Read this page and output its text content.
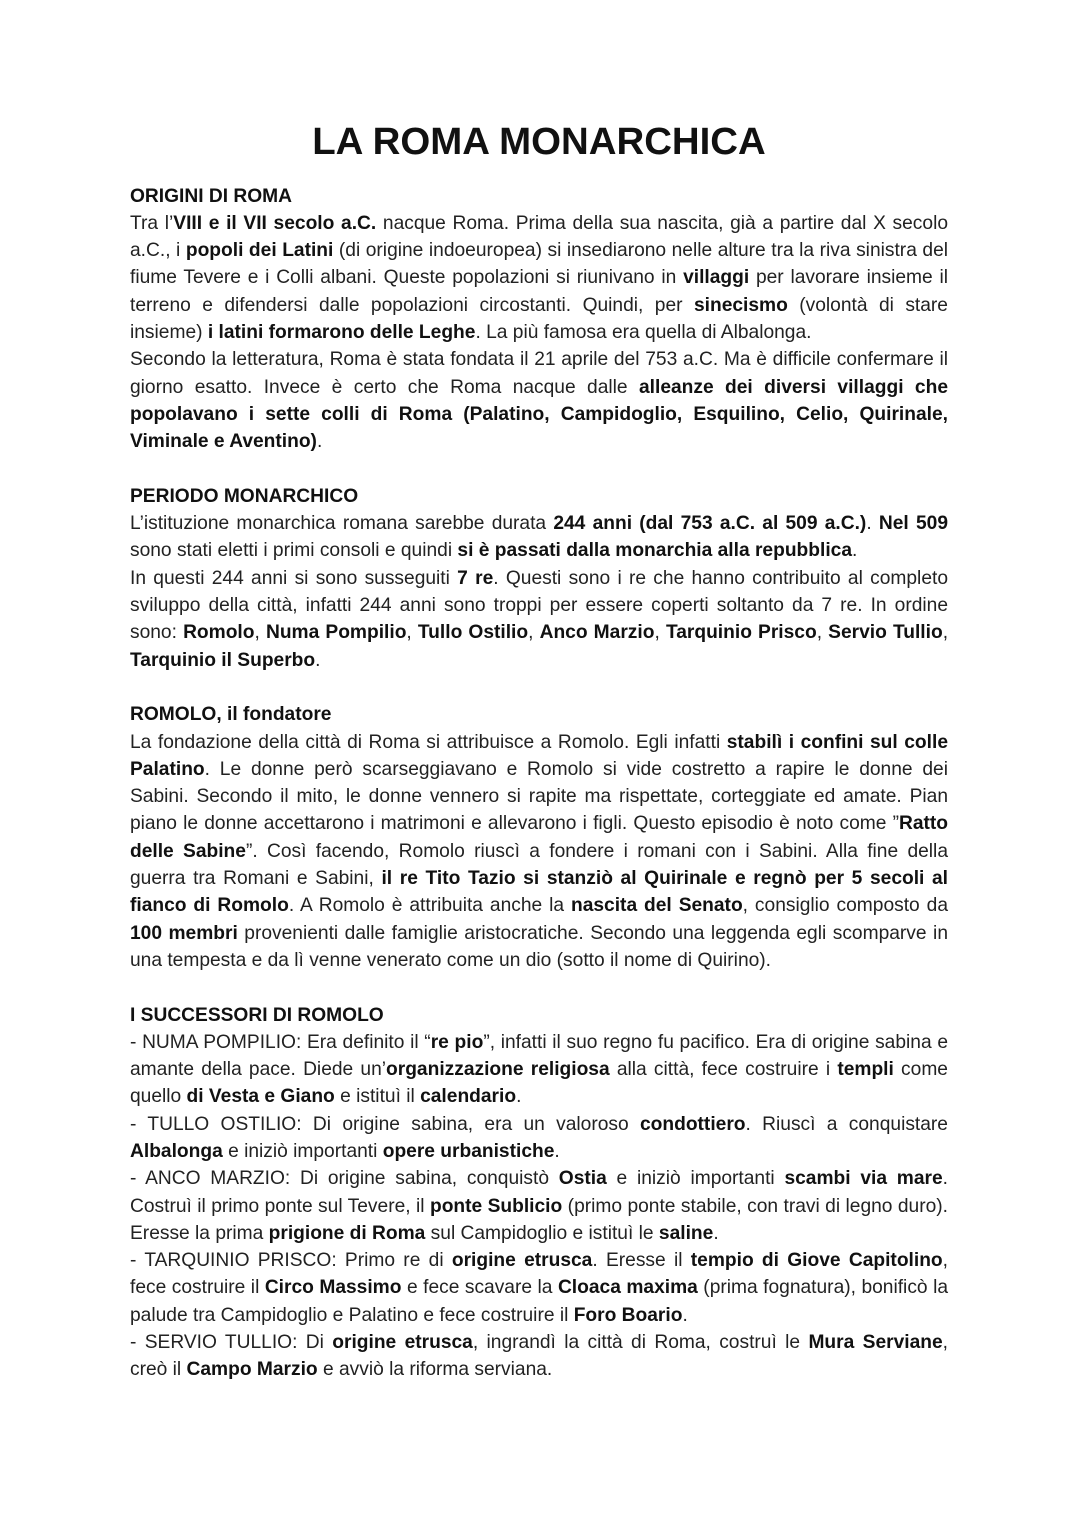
LA ROMA MONARCHICA
ORIGINI DI ROMA

Tra l’VIII e il VII secolo a.C. nacque Roma. Prima della sua nascita, già a partire dal X secolo a.C., i popoli dei Latini (di origine indoeuropea) si insediarono nelle alture tra la riva sinistra del fiume Tevere e i Colli albani. Queste popolazioni si riunivano in villaggi per lavorare insieme il terreno e difendersi dalle popolazioni circostanti. Quindi, per sinecismo (volontà di stare insieme) i latini formarono delle Leghe. La più famosa era quella di Albalonga.

Secondo la letteratura, Roma è stata fondata il 21 aprile del 753 a.C. Ma è difficile confermare il giorno esatto. Invece è certo che Roma nacque dalle alleanze dei diversi villaggi che popolavano i sette colli di Roma (Palatino, Campidoglio, Esquilino, Celio, Quirinale, Viminale e Aventino).

PERIODO MONARCHICO

L’istituzione monarchica romana sarebbe durata 244 anni (dal 753 a.C. al 509 a.C.). Nel 509 sono stati eletti i primi consoli e quindi si è passati dalla monarchia alla repubblica.

In questi 244 anni si sono susseguiti 7 re. Questi sono i re che hanno contribuito al completo sviluppo della città, infatti 244 anni sono troppi per essere coperti soltanto da 7 re. In ordine sono: Romolo, Numa Pompilio, Tullo Ostilio, Anco Marzio, Tarquinio Prisco, Servio Tullio, Tarquinio il Superbo.

ROMOLO, il fondatore

La fondazione della città di Roma si attribuisce a Romolo. Egli infatti stabilì i confini sul colle Palatino. Le donne però scarseggiavano e Romolo si vide costretto a rapire le donne dei Sabini. Secondo il mito, le donne vennero si rapite ma rispettate, corteggiate ed amate. Pian piano le donne accettarono i matrimoni e allevarono i figli. Questo episodio è noto come ”Ratto delle Sabine”. Così facendo, Romolo riuscì a fondere i romani con i Sabini. Alla fine della guerra tra Romani e Sabini, il re Tito Tazio si stanziò al Quirinale e regnò per 5 secoli al fianco di Romolo. A Romolo è attribuita anche la nascita del Senato, consiglio composto da 100 membri provenienti dalle famiglie aristocratiche. Secondo una leggenda egli scomparve in una tempesta e da lì venne venerato come un dio (sotto il nome di Quirino).

I SUCCESSORI DI ROMOLO

- NUMA POMPILIO: Era definito il “re pio”, infatti il suo regno fu pacifico. Era di origine sabina e amante della pace. Diede un’organizzazione religiosa alla città, fece costruire i templi come quello di Vesta e Giano e istituì il calendario.

- TULLO OSTILIO: Di origine sabina, era un valoroso condottiero. Riuscì a conquistare Albalonga e iniziò importanti opere urbanistiche.

- ANCO MARZIO: Di origine sabina, conquistò Ostia e iniziò importanti scambi via mare. Costruì il primo ponte sul Tevere, il ponte Sublicio (primo ponte stabile, con travi di legno duro). Eresse la prima prigione di Roma sul Campidoglio e istituì le saline.

- TARQUINIO PRISCO: Primo re di origine etrusca. Eresse il tempio di Giove Capitolino, fece costruire il Circo Massimo e fece scavare la Cloaca maxima (prima fognatura), bonificò la palude tra Campidoglio e Palatino e fece costruire il Foro Boario.

- SERVIO TULLIO: Di origine etrusca, ingrandì la città di Roma, costruì le Mura Serviane, creò il Campo Marzio e avviò la riforma serviana.
